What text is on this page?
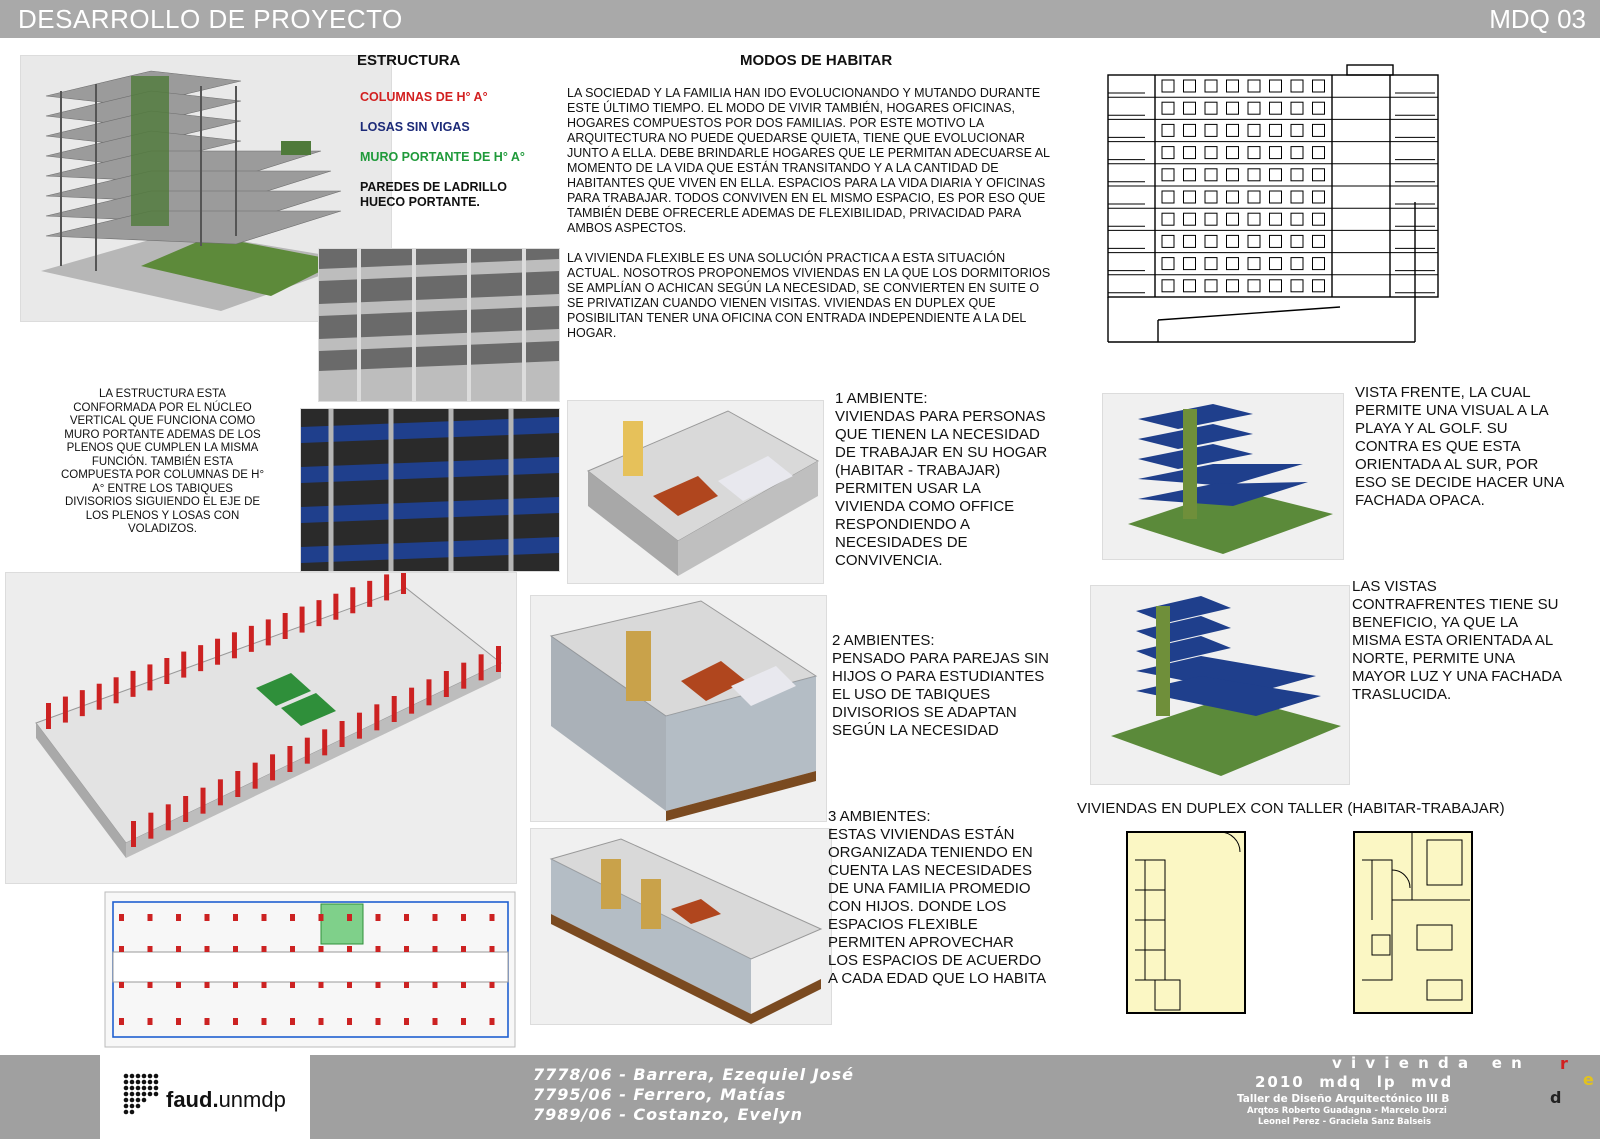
DESARROLLO DE PROYECTO	MDQ 03
ESTRUCTURA
COLUMNAS DE H° A°
LOSAS SIN VIGAS
MURO PORTANTE DE H° A°
PAREDES DE LADRILLO HUECO PORTANTE.
LA ESTRUCTURA ESTA CONFORMADA POR EL NÚCLEO VERTICAL QUE FUNCIONA COMO MURO PORTANTE ADEMAS DE LOS PLENOS QUE CUMPLEN LA MISMA FUNCIÓN. TAMBIÉN ESTA COMPUESTA POR COLUMNAS DE H° A° ENTRE LOS TABIQUES DIVISORIOS SIGUIENDO EL EJE DE LOS PLENOS Y LOSAS CON VOLADIZOS.
MODOS DE HABITAR
LA SOCIEDAD Y LA FAMILIA HAN IDO EVOLUCIONANDO Y MUTANDO DURANTE ESTE ÚLTIMO TIEMPO. EL MODO DE VIVIR TAMBIÉN, HOGARES OFICINAS, HOGARES COMPUESTOS POR DOS FAMILIAS. POR ESTE MOTIVO LA ARQUITECTURA NO PUEDE QUEDARSE QUIETA, TIENE QUE EVOLUCIONAR JUNTO A ELLA. DEBE BRINDARLE HOGARES QUE LE PERMITAN ADECUARSE AL MOMENTO DE LA VIDA QUE ESTÁN TRANSITANDO Y A LA CANTIDAD DE HABITANTES QUE VIVEN EN ELLA. ESPACIOS PARA LA VIDA DIARIA Y OFICINAS PARA TRABAJAR. TODOS CONVIVEN EN EL MISMO ESPACIO, ES POR ESO QUE TAMBIÉN DEBE OFRECERLE ADEMAS DE FLEXIBILIDAD, PRIVACIDAD PARA AMBOS ASPECTOS.
LA VIVIENDA FLEXIBLE ES UNA SOLUCIÓN PRACTICA A ESTA SITUACIÓN ACTUAL. NOSOTROS PROPONEMOS VIVIENDAS EN LA QUE LOS DORMITORIOS SE AMPLÍAN O ACHICAN SEGÚN LA NECESIDAD, SE CONVIERTEN EN SUITE O SE PRIVATIZAN CUANDO VIENEN VISITAS. VIVIENDAS EN DUPLEX QUE POSIBILITAN TENER UNA OFICINA CON ENTRADA INDEPENDIENTE A LA DEL HOGAR.
1 AMBIENTE:
VIVIENDAS PARA PERSONAS QUE TIENEN LA NECESIDAD DE TRABAJAR EN SU HOGAR (HABITAR - TRABAJAR) PERMITEN USAR LA VIVIENDA COMO OFFICE RESPONDIENDO A NECESIDADES DE CONVIVENCIA.
2 AMBIENTES:
PENSADO PARA PAREJAS SIN HIJOS O PARA ESTUDIANTES EL USO DE TABIQUES DIVISORIOS SE ADAPTAN SEGÚN LA NECESIDAD
3 AMBIENTES:
ESTAS VIVIENDAS ESTÁN ORGANIZADA TENIENDO EN CUENTA LAS NECESIDADES DE UNA FAMILIA PROMEDIO CON HIJOS. DONDE LOS ESPACIOS FLEXIBLE PERMITEN APROVECHAR LOS ESPACIOS DE ACUERDO A CADA EDAD QUE LO HABITA
VISTA FRENTE, LA CUAL PERMITE UNA VISUAL A LA PLAYA Y AL GOLF. SU CONTRA ES QUE ESTA ORIENTADA AL SUR, POR ESO SE DECIDE HACER UNA FACHADA OPACA.
LAS VISTAS CONTRAFRENTES TIENE SU BENEFICIO, YA QUE LA MISMA ESTA ORIENTADA AL NORTE, PERMITE UNA MAYOR LUZ Y UNA FACHADA TRASLUCIDA.
VIVIENDAS EN DUPLEX CON TALLER (HABITAR-TRABAJAR)
faud.unmdp
7778/06 - Barrera, Ezequiel José
7795/06 - Ferrero, Matías
7989/06 - Costanzo, Evelyn
v i v i e n d a   e n r
e
d
2010  mdq  lp  mvd
Taller de Diseño Arquitectónico III B
Arqtos Roberto Guadagna - Marcelo Dorzi
Leonel Perez - Graciela Sanz Balseis
